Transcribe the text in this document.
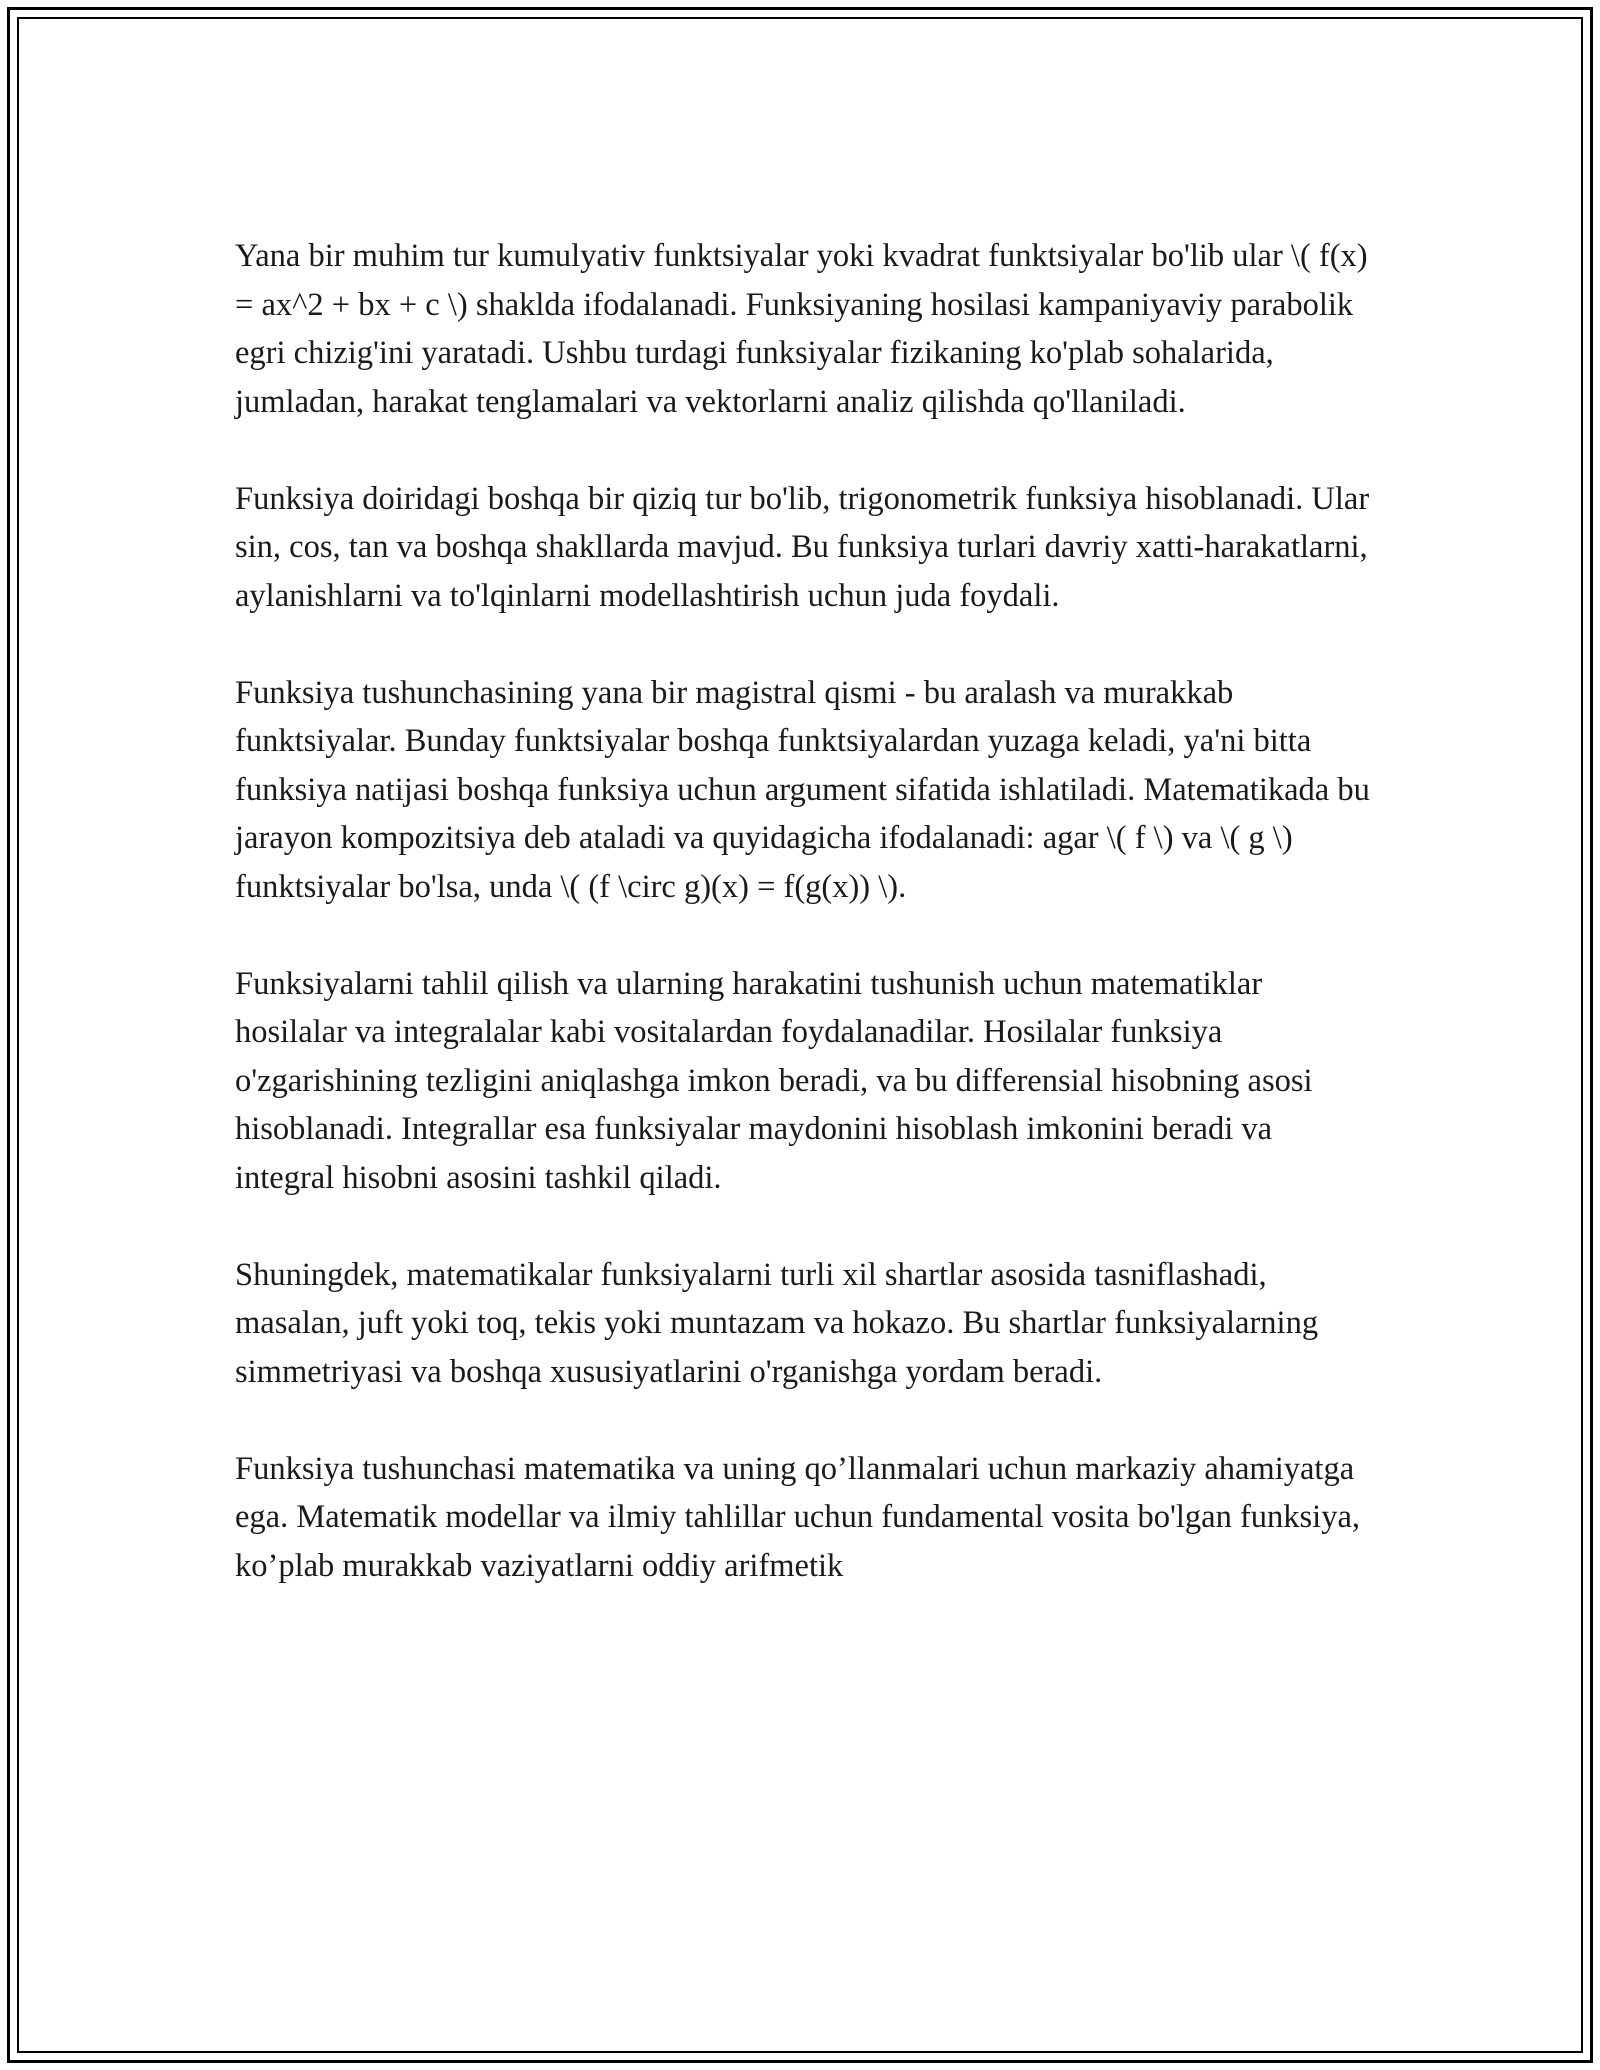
Yana bir muhim tur kumulyativ funktsiyalar yoki kvadrat funktsiyalar bo'lib ular \( f(x) = ax^2 + bx + c \) shaklda ifodalanadi. Funksiyaning hosilasi kampaniyaviy parabolik egri chizig'ini yaratadi. Ushbu turdagi funksiyalar fizikaning ko'plab sohalarida, jumladan, harakat tenglamalari va vektorlarni analiz qilishda qo'llaniladi.

Funksiya doiridagi boshqa bir qiziq tur bo'lib, trigonometrik funksiya hisoblanadi. Ular sin, cos, tan va boshqa shakllarda mavjud. Bu funksiya turlari davriy xatti-harakatlarni, aylanishlarni va to'lqinlarni modellashtirish uchun juda foydali.

Funksiya tushunchasining yana bir magistral qismi - bu aralash va murakkab funktsiyalar. Bunday funktsiyalar boshqa funktsiyalardan yuzaga keladi, ya'ni bitta funksiya natijasi boshqa funksiya uchun argument sifatida ishlatiladi. Matematikada bu jarayon kompozitsiya deb ataladi va quyidagicha ifodalanadi: agar \( f \) va \( g \) funktsiyalar bo'lsa, unda \( (f \circ g)(x) = f(g(x)) \).

Funksiyalarni tahlil qilish va ularning harakatini tushunish uchun matematiklar hosilalar va integralalar kabi vositalardan foydalanadilar. Hosilalar funksiya o'zgarishining tezligini aniqlashga imkon beradi, va bu differensial hisobning asosi hisoblanadi. Integrallar esa funksiyalar maydonini hisoblash imkonini beradi va integral hisobni asosini tashkil qiladi.

Shuningdek, matematikalar funksiyalarni turli xil shartlar asosida tasniflashadi, masalan, juft yoki toq, tekis yoki muntazam va hokazo. Bu shartlar funksiyalarning simmetriyasi va boshqa xususiyatlarini o'rganishga yordam beradi.

Funksiya tushunchasi matematika va uning qo’llanmalari uchun markaziy ahamiyatga ega. Matematik modellar va ilmiy tahlillar uchun fundamental vosita bo'lgan funksiya, ko’plab murakkab vaziyatlarni oddiy arifmetik
